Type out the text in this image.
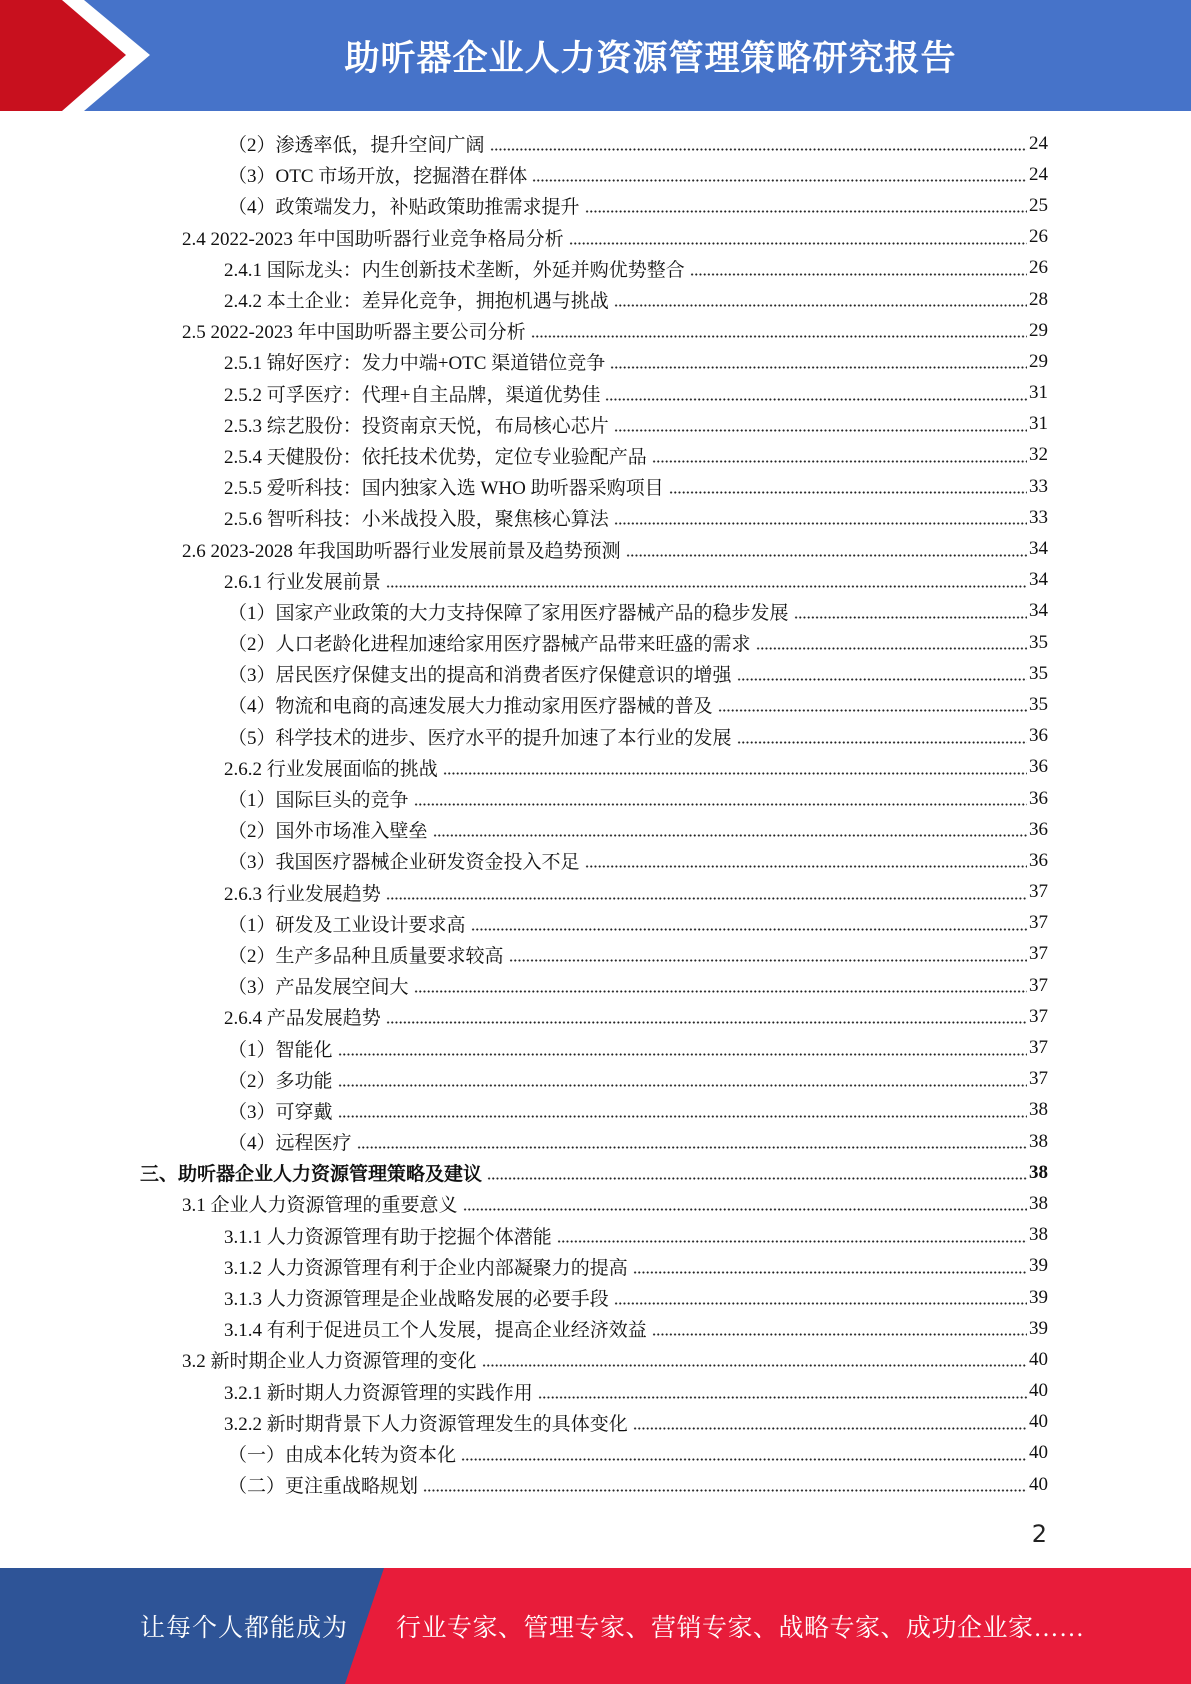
助听器企业人力资源管理策略研究报告
（2）渗透率低，提升空间广阔	24
（3）OTC 市场开放，挖掘潜在群体	24
（4）政策端发力，补贴政策助推需求提升	25
2.4 2022-2023 年中国助听器行业竞争格局分析	26
2.4.1 国际龙头：内生创新技术垄断，外延并购优势整合	26
2.4.2 本土企业：差异化竞争，拥抱机遇与挑战	28
2.5 2022-2023 年中国助听器主要公司分析	29
2.5.1 锦好医疗：发力中端+OTC 渠道错位竞争	29
2.5.2 可孚医疗：代理+自主品牌，渠道优势佳	31
2.5.3 综艺股份：投资南京天悦，布局核心芯片	31
2.5.4 天健股份：依托技术优势，定位专业验配产品	32
2.5.5 爱听科技：国内独家入选 WHO 助听器采购项目	33
2.5.6 智听科技：小米战投入股，聚焦核心算法	33
2.6 2023-2028 年我国助听器行业发展前景及趋势预测	34
2.6.1 行业发展前景	34
（1）国家产业政策的大力支持保障了家用医疗器械产品的稳步发展	34
（2）人口老龄化进程加速给家用医疗器械产品带来旺盛的需求	35
（3）居民医疗保健支出的提高和消费者医疗保健意识的增强	35
（4）物流和电商的高速发展大力推动家用医疗器械的普及	35
（5）科学技术的进步、医疗水平的提升加速了本行业的发展	36
2.6.2 行业发展面临的挑战	36
（1）国际巨头的竞争	36
（2）国外市场准入壁垒	36
（3）我国医疗器械企业研发资金投入不足	36
2.6.3 行业发展趋势	37
（1）研发及工业设计要求高	37
（2）生产多品种且质量要求较高	37
（3）产品发展空间大	37
2.6.4 产品发展趋势	37
（1）智能化	37
（2）多功能	37
（3）可穿戴	38
（4）远程医疗	38
三、助听器企业人力资源管理策略及建议	38
3.1 企业人力资源管理的重要意义	38
3.1.1 人力资源管理有助于挖掘个体潜能	38
3.1.2 人力资源管理有利于企业内部凝聚力的提高	39
3.1.3 人力资源管理是企业战略发展的必要手段	39
3.1.4 有利于促进员工个人发展，提高企业经济效益	39
3.2 新时期企业人力资源管理的变化	40
3.2.1 新时期人力资源管理的实践作用	40
3.2.2 新时期背景下人力资源管理发生的具体变化	40
（一）由成本化转为资本化	40
（二）更注重战略规划	40
2
让每个人都能成为 行业专家、管理专家、营销专家、战略专家、成功企业家……
